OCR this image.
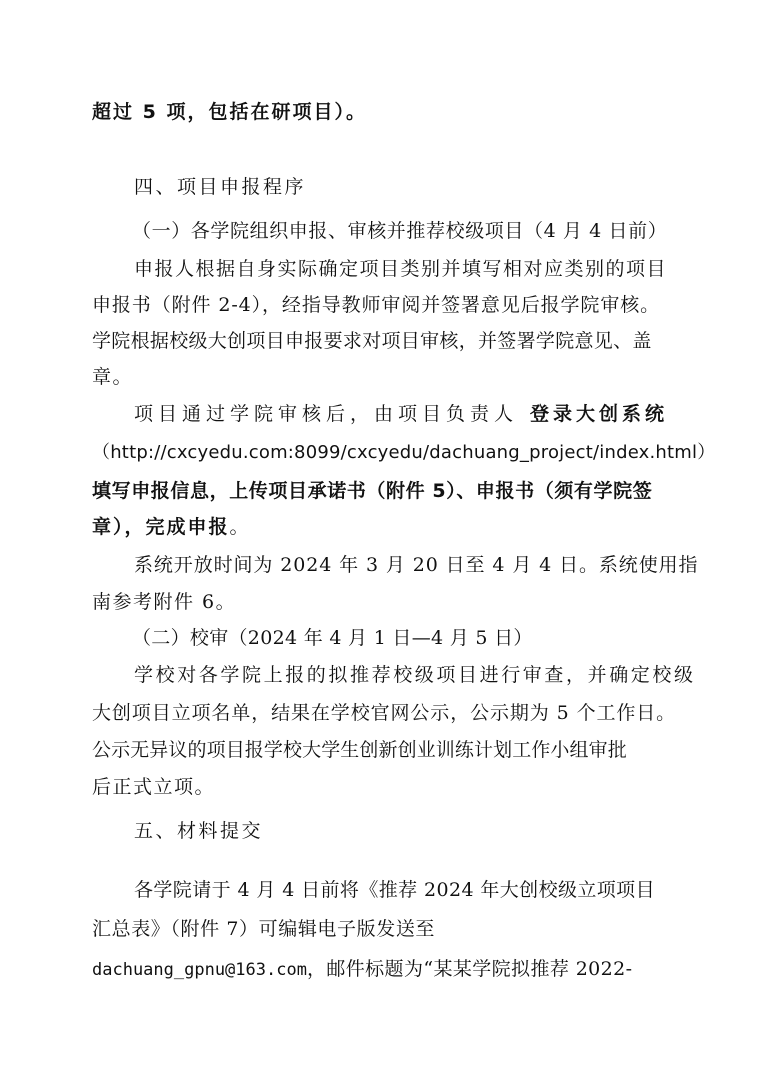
超过 5 项，包括在研项目）。
四、项目申报程序
（一）各学院组织申报、审核并推荐校级项目（4 月 4 日前）
申报人根据自身实际确定项目类别并填写相对应类别的项目
申报书（附件 2-4），经指导教师审阅并签署意见后报学院审核。
学院根据校级大创项目申报要求对项目审核，并签署学院意见、盖
章。
项目通过学院审核后，由项目负责人 登录大创系统
（http://cxcyedu.com:8099/cxcyedu/dachuang_project/index.html）
填写申报信息，上传项目承诺书（附件 5）、申报书（须有学院签
章），完成申报。
系统开放时间为 2024 年 3 月 20 日至 4 月 4 日。系统使用指
南参考附件 6。
（二）校审（2024 年 4 月 1 日—4 月 5 日）
学校对各学院上报的拟推荐校级项目进行审查，并确定校级
大创项目立项名单，结果在学校官网公示，公示期为 5 个工作日。
公示无异议的项目报学校大学生创新创业训练计划工作小组审批
后正式立项。
五、材料提交
各学院请于 4 月 4 日前将《推荐 2024 年大创校级立项项目
汇总表》（附件 7）可编辑电子版发送至
dachuang_gpnu@163.com，邮件标题为“某某学院拟推荐 2022-
